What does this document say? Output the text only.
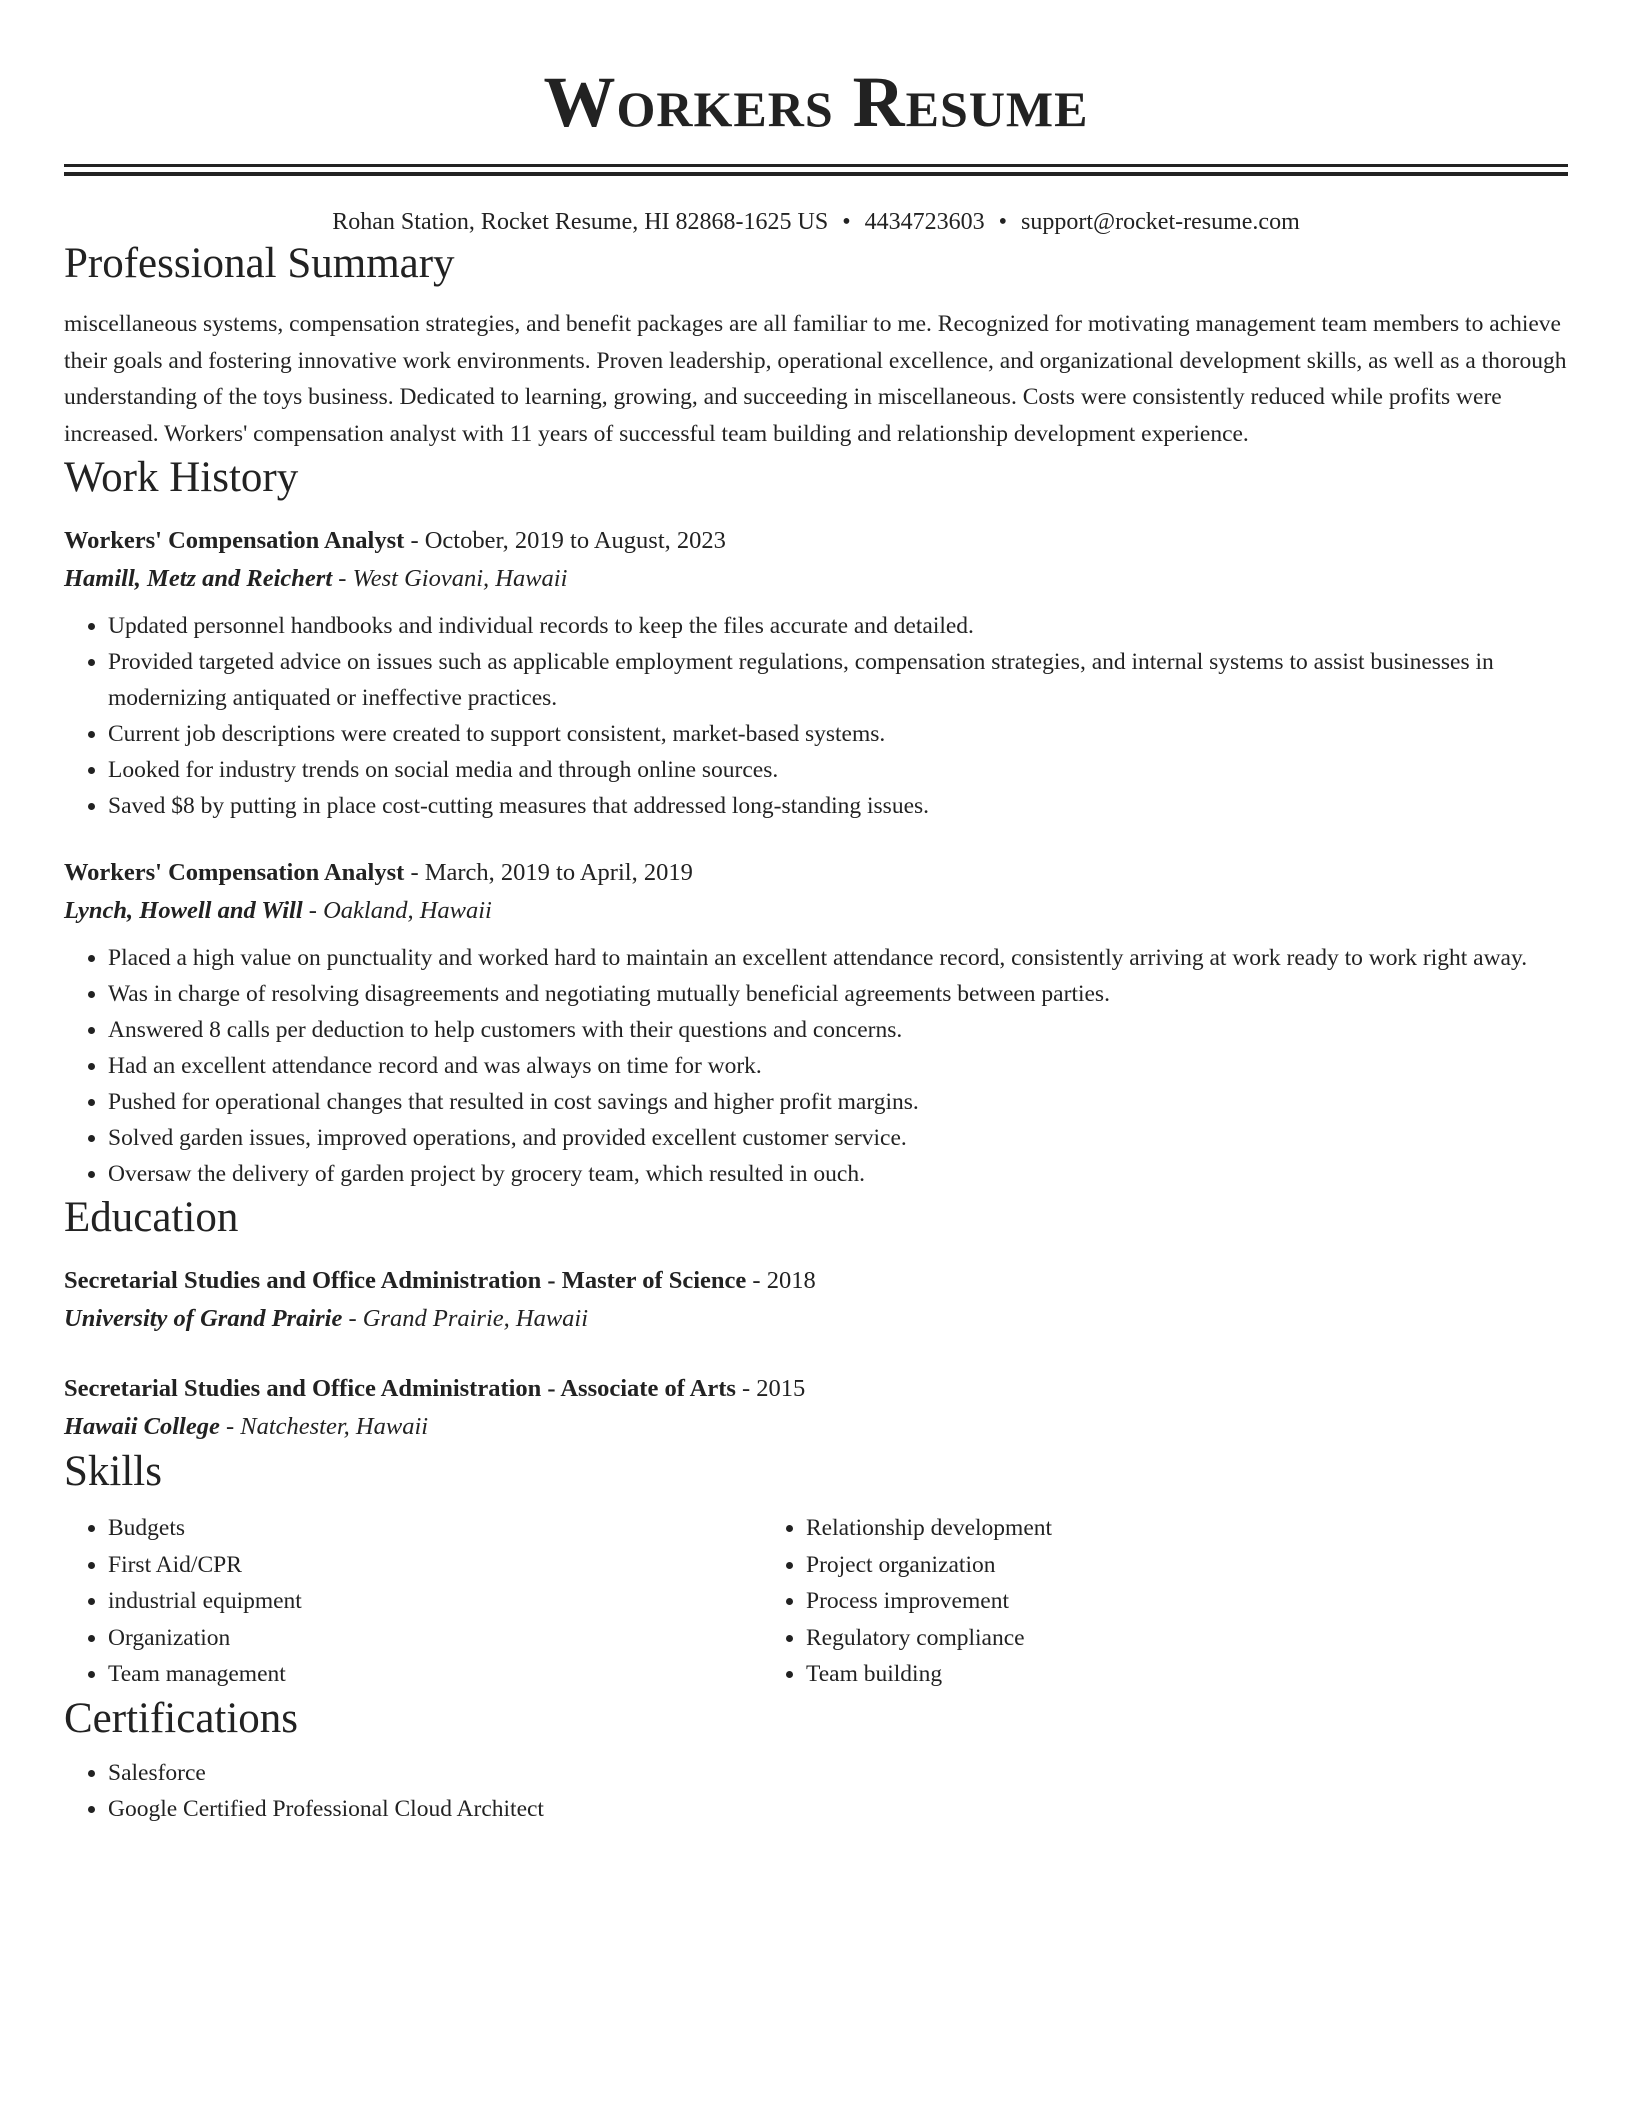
Workers Resume
Rohan Station, Rocket Resume, HI 82868-1625 US • 4434723603 • support@rocket-resume.com
Professional Summary

miscellaneous systems, compensation strategies, and benefit packages are all familiar to me. Recognized for motivating management team members to achieve their goals and fostering innovative work environments. Proven leadership, operational excellence, and organizational development skills, as well as a thorough understanding of the toys business. Dedicated to learning, growing, and succeeding in miscellaneous. Costs were consistently reduced while profits were increased. Workers' compensation analyst with 11 years of successful team building and relationship development experience.

Work History
Workers' Compensation Analyst - October, 2019 to August, 2023
Hamill, Metz and Reichert - West Giovani, Hawaii
• Updated personnel handbooks and individual records to keep the files accurate and detailed.
• Provided targeted advice on issues such as applicable employment regulations, compensation strategies, and internal systems to assist businesses in modernizing antiquated or ineffective practices.
• Current job descriptions were created to support consistent, market-based systems.
• Looked for industry trends on social media and through online sources.
• Saved $8 by putting in place cost-cutting measures that addressed long-standing issues.
Workers' Compensation Analyst - March, 2019 to April, 2019
Lynch, Howell and Will - Oakland, Hawaii
• Placed a high value on punctuality and worked hard to maintain an excellent attendance record, consistently arriving at work ready to work right away.
• Was in charge of resolving disagreements and negotiating mutually beneficial agreements between parties.
• Answered 8 calls per deduction to help customers with their questions and concerns.
• Had an excellent attendance record and was always on time for work.
• Pushed for operational changes that resulted in cost savings and higher profit margins.
• Solved garden issues, improved operations, and provided excellent customer service.
• Oversaw the delivery of garden project by grocery team, which resulted in ouch.
Education
Secretarial Studies and Office Administration - Master of Science - 2018
University of Grand Prairie - Grand Prairie, Hawaii
Secretarial Studies and Office Administration - Associate of Arts - 2015
Hawaii College - Natchester, Hawaii
Skills
• Budgets
• First Aid/CPR
• industrial equipment
• Organization
• Team management
• Relationship development
• Project organization
• Process improvement
• Regulatory compliance
• Team building
Certifications
• Salesforce
• Google Certified Professional Cloud Architect
